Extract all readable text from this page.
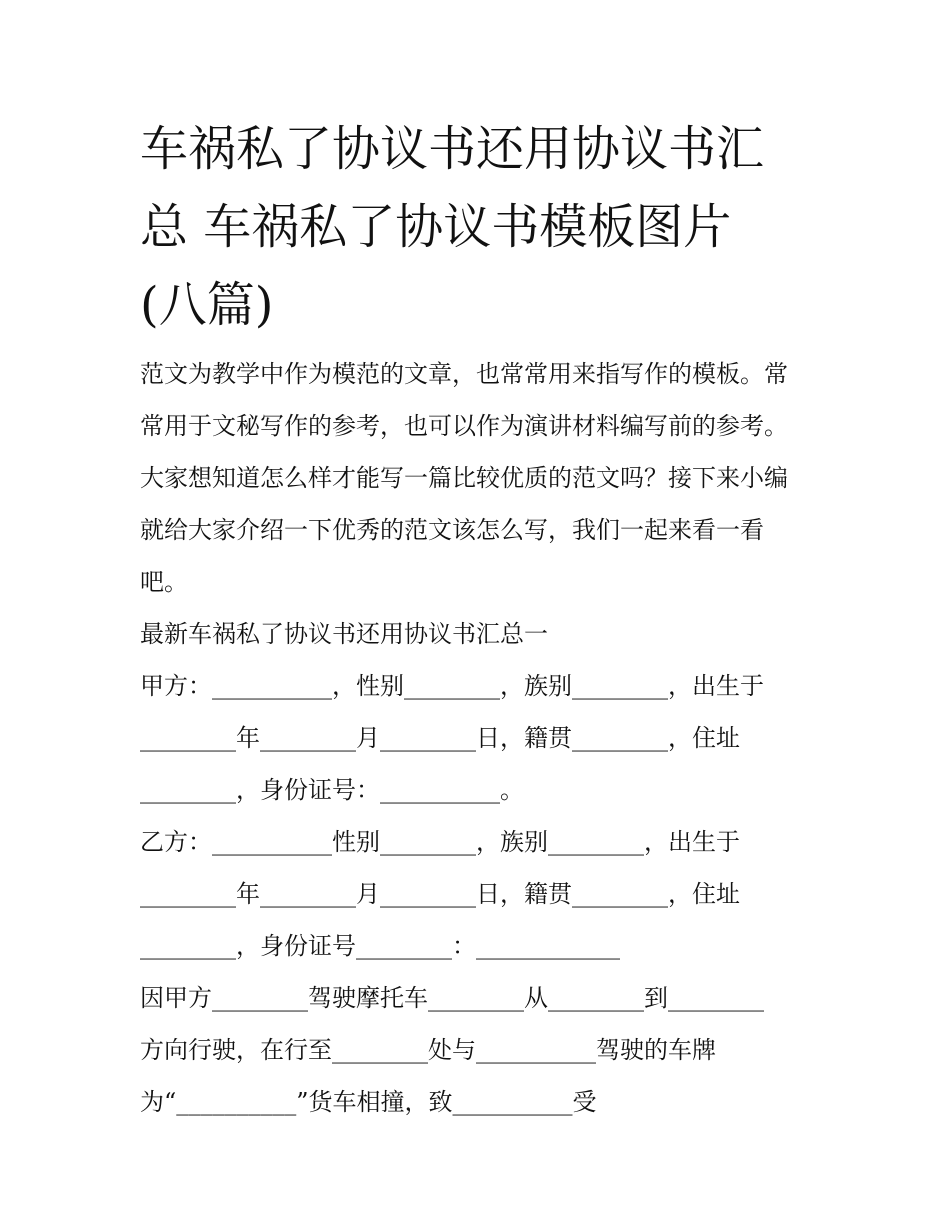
车祸私了协议书还用协议书汇
总 车祸私了协议书模板图片
(八篇)
范文为教学中作为模范的文章，也常常用来指写作的模板。常
常用于文秘写作的参考，也可以作为演讲材料编写前的参考。
大家想知道怎么样才能写一篇比较优质的范文吗？接下来小编
就给大家介绍一下优秀的范文该怎么写，我们一起来看一看
吧。
最新车祸私了协议书还用协议书汇总一
甲方：__________，性别________，族别________，出生于
________年________月________日，籍贯________，住址
________，身份证号：__________。
乙方：__________性别________，族别________，出生于
________年________月________日，籍贯________，住址
________，身份证号________：____________
因甲方________驾驶摩托车________从________到________
方向行驶，在行至________处与__________驾驶的车牌
为“__________”货车相撞，致__________受
